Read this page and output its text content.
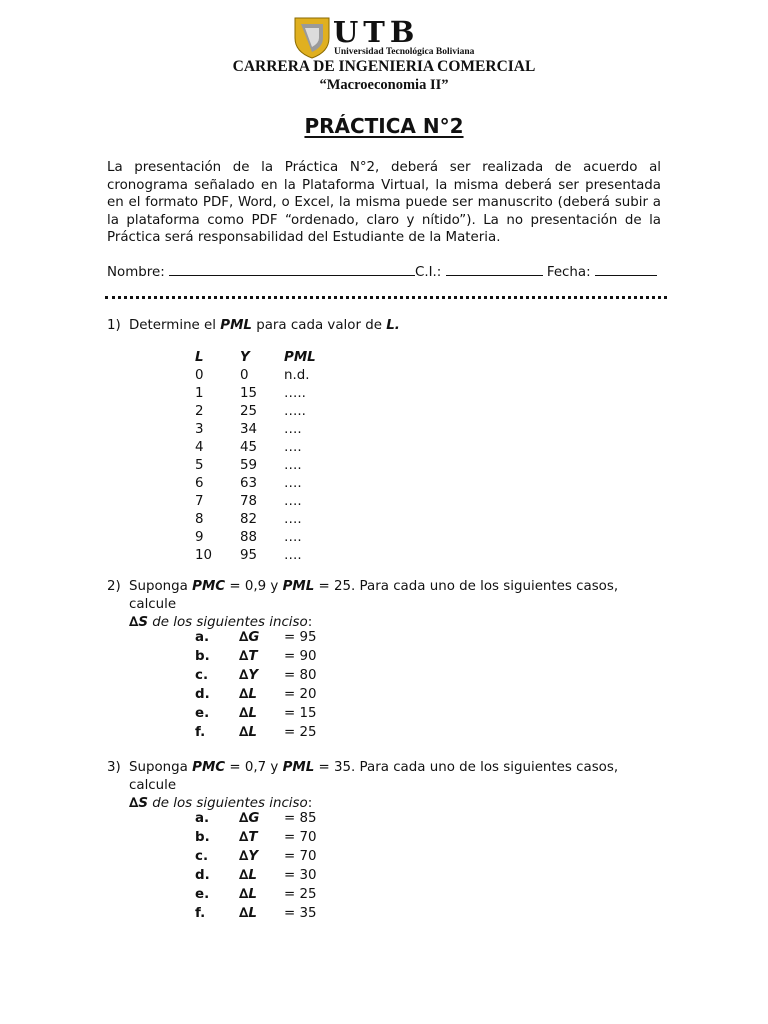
UTB
Universidad Tecnológica Boliviana
CARRERA DE INGENIERIA COMERCIAL
“Macroeconomia II”
PRÁCTICA N°2
La presentación de la Práctica N°2, deberá ser realizada de acuerdo al cronograma señalado en la Plataforma Virtual, la misma deberá ser presentada en el formato PDF, Word, o Excel, la misma puede ser manuscrito (deberá subir a la plataforma como PDF “ordenado, claro y nítido”). La no presentación de la Práctica será responsabilidad del Estudiante de la Materia.
Nombre:	C.I.:	Fecha:
1) Determine el PML para cada valor de L.
L	Y	PML
0	0	n.d.
1	15 …..
2	25 …..
3	34 ….
4	45 ….
5	59 ….
6	63 ….
7	78 ….
8	82 ….
9	88 ….
10 95 ….
2) Suponga PMC = 0,9 y PML = 25. Para cada uno de los siguientes casos, calcule
∆S de los siguientes inciso:
a. ∆G = 95
b. ∆T = 90
c. ∆Y = 80
d. ∆L = 20
e. ∆L = 15
f.	∆L = 25
3) Suponga PMC = 0,7 y PML = 35. Para cada uno de los siguientes casos, calcule
∆S de los siguientes inciso:
a. ∆G = 85
b. ∆T = 70
c. ∆Y = 70
d. ∆L = 30
e. ∆L = 25
f.	∆L = 35
